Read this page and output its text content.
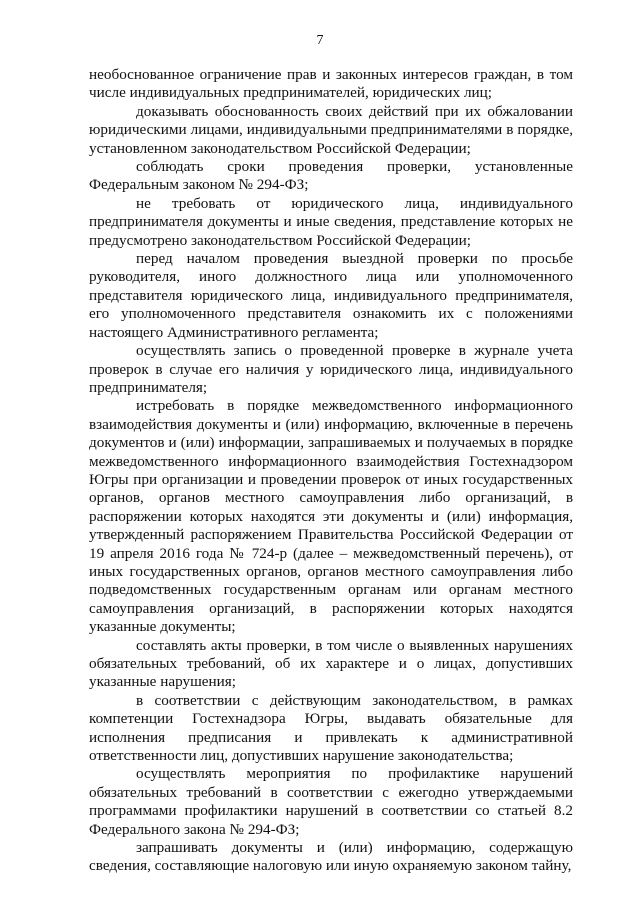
7

необоснованное ограничение прав и законных интересов граждан, в том числе индивидуальных предпринимателей, юридических лиц;

доказывать обоснованность своих действий при их обжаловании юридическими лицами, индивидуальными предпринимателями в порядке, установленном законодательством Российской Федерации;

соблюдать сроки проведения проверки, установленные Федеральным законом № 294-ФЗ;

не требовать от юридического лица, индивидуального предпринимателя документы и иные сведения, представление которых не предусмотрено законодательством Российской Федерации;

перед началом проведения выездной проверки по просьбе руководителя, иного должностного лица или уполномоченного представителя юридического лица, индивидуального предпринимателя, его уполномоченного представителя ознакомить их с положениями настоящего Административного регламента;

осуществлять запись о проведенной проверке в журнале учета проверок в случае его наличия у юридического лица, индивидуального предпринимателя;

истребовать в порядке межведомственного информационного взаимодействия документы и (или) информацию, включенные в перечень документов и (или) информации, запрашиваемых и получаемых в порядке межведомственного информационного взаимодействия Гостехнадзором Югры при организации и проведении проверок от иных государственных органов, органов местного самоуправления либо организаций, в распоряжении которых находятся эти документы и (или) информация, утвержденный распоряжением Правительства Российской Федерации от 19 апреля 2016 года № 724-р (далее – межведомственный перечень), от иных государственных органов, органов местного самоуправления либо подведомственных государственным органам или органам местного самоуправления организаций, в распоряжении которых находятся указанные документы;

составлять акты проверки, в том числе о выявленных нарушениях обязательных требований, об их характере и о лицах, допустивших указанные нарушения;

в соответствии с действующим законодательством, в рамках компетенции Гостехнадзора Югры, выдавать обязательные для исполнения предписания и привлекать к административной ответственности лиц, допустивших нарушение законодательства;

осуществлять мероприятия по профилактике нарушений обязательных требований в соответствии с ежегодно утверждаемыми программами профилактики нарушений в соответствии со статьей 8.2 Федерального закона № 294-ФЗ;

запрашивать документы и (или) информацию, содержащую сведения, составляющие налоговую или иную охраняемую законом тайну,
